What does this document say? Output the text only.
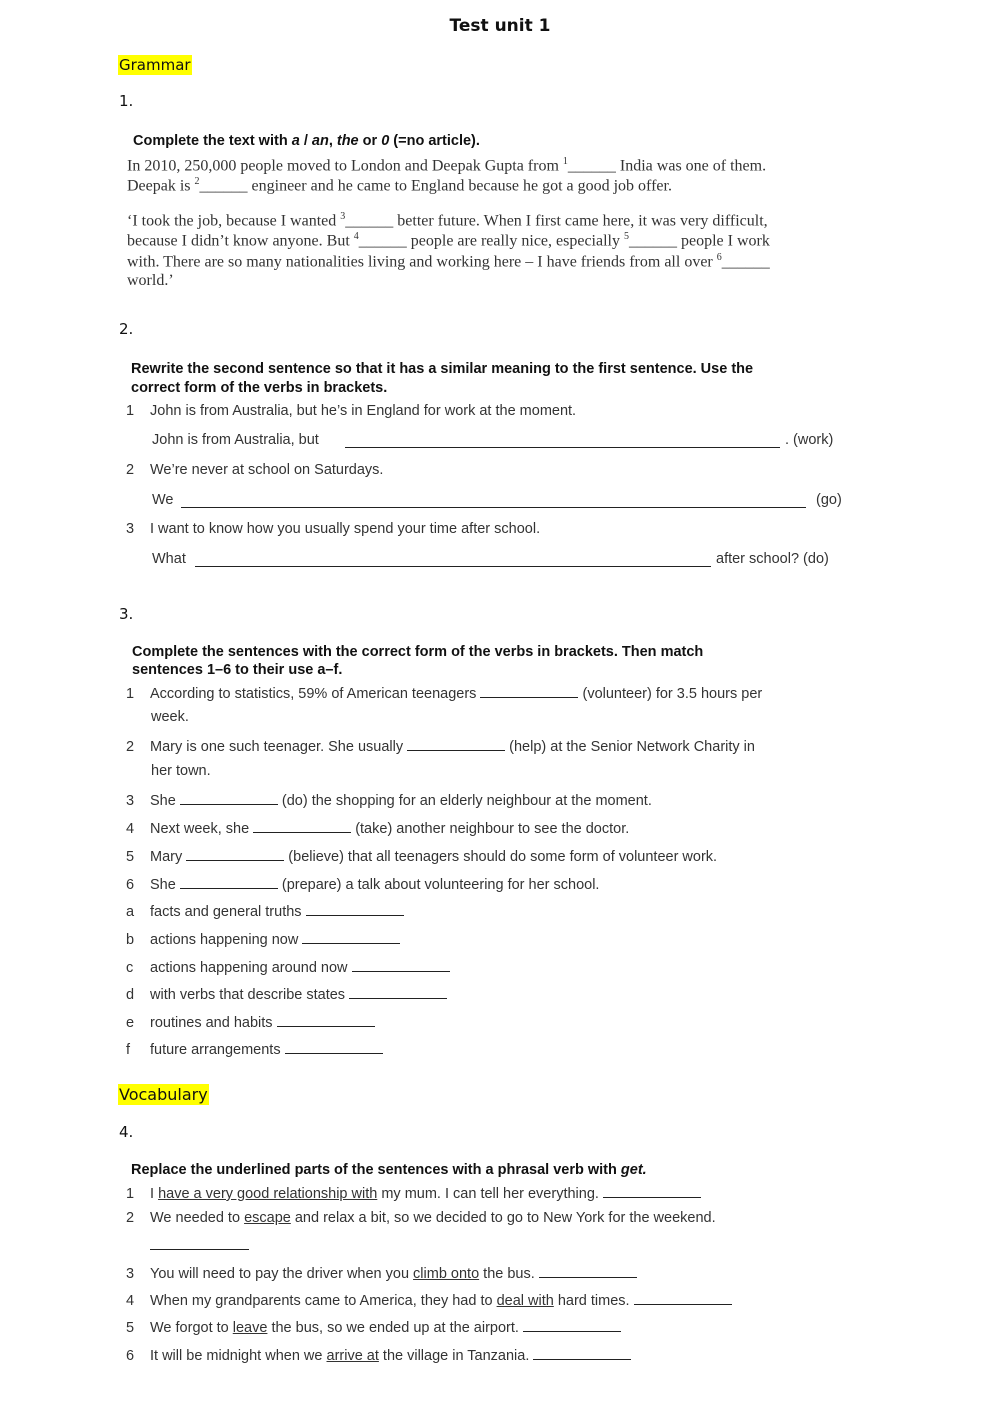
Test unit 1
Grammar
1.
Complete the text with a / an, the or 0 (=no article).
In 2010, 250,000 people moved to London and Deepak Gupta from $^1$______ India was one of them.
Deepak is $^2$______ engineer and he came to England because he got a good job offer.
‘I took the job, because I wanted $^3$______ better future. When I first came here, it was very difficult,
because I didn’t know anyone. But $^4$______ people are really nice, especially $^5$______ people I work
with. There are so many nationalities living and working here – I have friends from all over $^6$______
world.’
2.
Rewrite the second sentence so that it has a similar meaning to the first sentence. Use the
correct form of the verbs in brackets.
1 John is from Australia, but he’s in England for work at the moment.
John is from Australia, but	. (work)
2 We’re never at school on Saturdays.
We	(go)
3 I want to know how you usually spend your time after school.
What	after school? (do)
3.
Complete the sentences with the correct form of the verbs in brackets. Then match
sentences 1–6 to their use a–f.
1 According to statistics, 59% of American teenagers	(volunteer) for 3.5 hours per
week.
2 Mary is one such teenager. She usually	(help) at the Senior Network Charity in
her town.
3 She	(do) the shopping for an elderly neighbour at the moment.
4 Next week, she	(take) another neighbour to see the doctor.
5 Mary	(believe) that all teenagers should do some form of volunteer work.
6 She	(prepare) a talk about volunteering for her school.
a facts and general truths
b actions happening now
c actions happening around now
d with verbs that describe states
e routines and habits
f future arrangements
Vocabulary
4.
Replace the underlined parts of the sentences with a phrasal verb with get.
1 I have a very good relationship with my mum. I can tell her everything.
2 We needed to escape and relax a bit, so we decided to go to New York for the weekend.
3 You will need to pay the driver when you climb onto the bus.
4 When my grandparents came to America, they had to deal with hard times.
5 We forgot to leave the bus, so we ended up at the airport.
6 It will be midnight when we arrive at the village in Tanzania.
